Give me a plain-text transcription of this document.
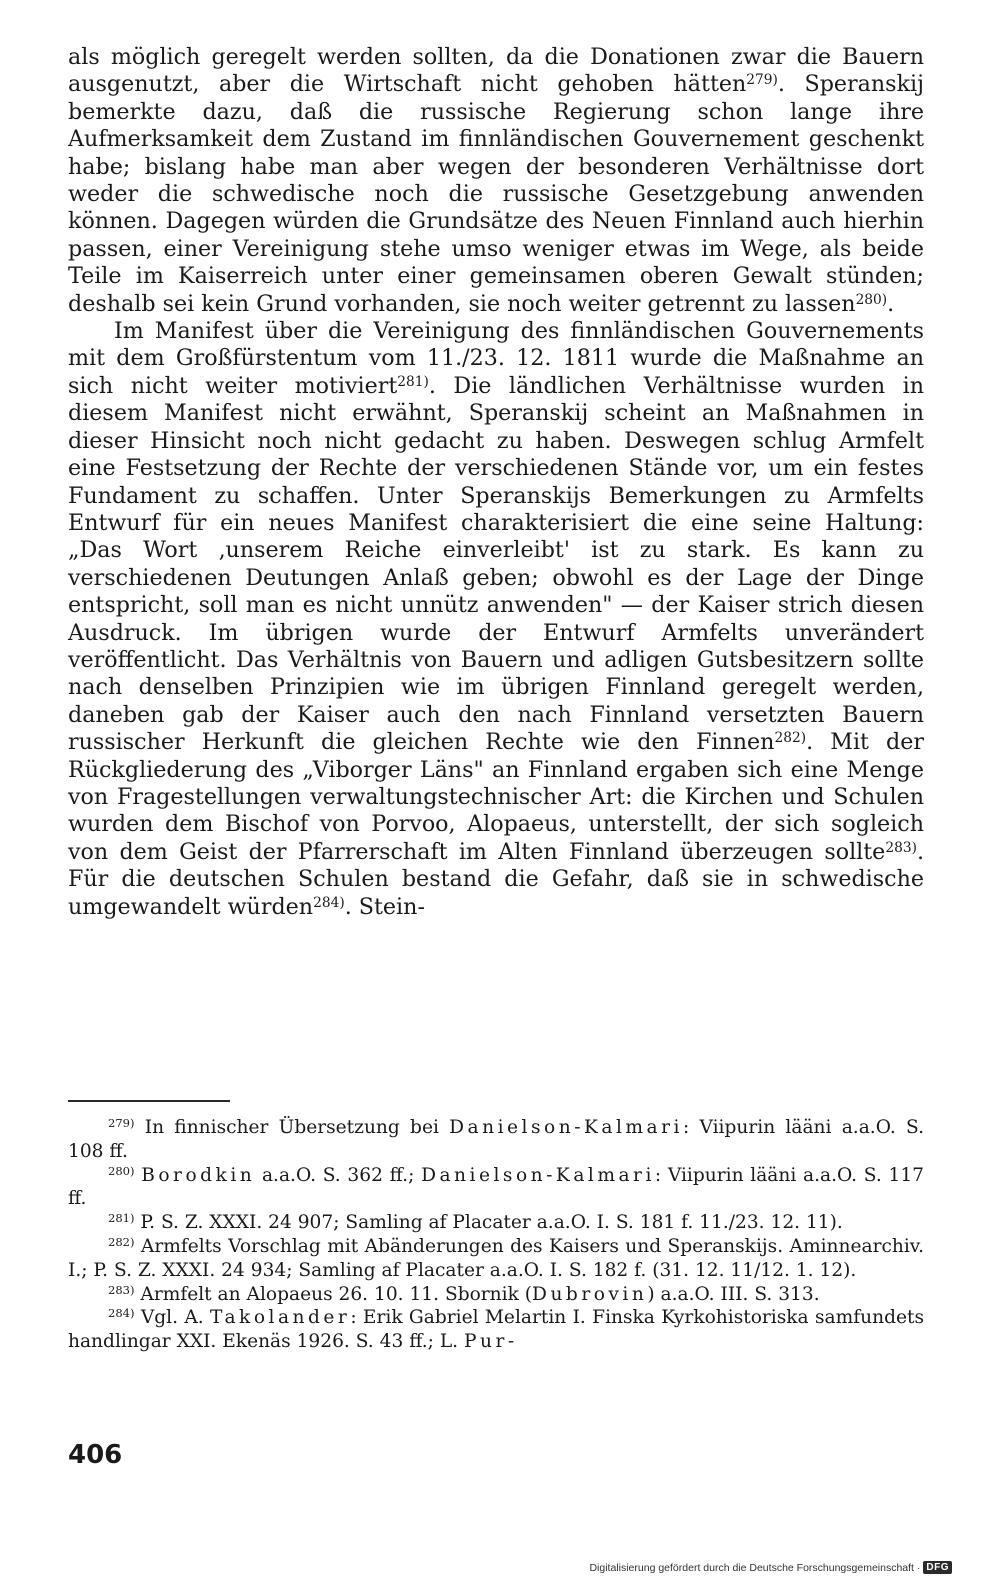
als möglich geregelt werden sollten, da die Donationen zwar die Bauern ausgenutzt, aber die Wirtschaft nicht gehoben hätten$^{279)}$. Speranskij bemerkte dazu, daß die russische Regierung schon lange ihre Aufmerksamkeit dem Zustand im finnländischen Gouvernement geschenkt habe; bislang habe man aber wegen der besonderen Verhältnisse dort weder die schwedische noch die russische Gesetzgebung anwenden können. Dagegen würden die Grundsätze des Neuen Finnland auch hierhin passen, einer Vereinigung stehe umso weniger etwas im Wege, als beide Teile im Kaiserreich unter einer gemeinsamen oberen Gewalt stünden; deshalb sei kein Grund vorhanden, sie noch weiter getrennt zu lassen$^{280)}$.

Im Manifest über die Vereinigung des finnländischen Gouvernements mit dem Großfürstentum vom 11./23. 12. 1811 wurde die Maßnahme an sich nicht weiter motiviert$^{281)}$. Die ländlichen Verhältnisse wurden in diesem Manifest nicht erwähnt, Speranskij scheint an Maßnahmen in dieser Hinsicht noch nicht gedacht zu haben. Deswegen schlug Armfelt eine Festsetzung der Rechte der verschiedenen Stände vor, um ein festes Fundament zu schaffen. Unter Speranskijs Bemerkungen zu Armfelts Entwurf für ein neues Manifest charakterisiert die eine seine Haltung: „Das Wort ‚unserem Reiche einverleibt' ist zu stark. Es kann zu verschiedenen Deutungen Anlaß geben; obwohl es der Lage der Dinge entspricht, soll man es nicht unnütz anwenden" — der Kaiser strich diesen Ausdruck. Im übrigen wurde der Entwurf Armfelts unverändert veröffentlicht. Das Verhältnis von Bauern und adligen Gutsbesitzern sollte nach denselben Prinzipien wie im übrigen Finnland geregelt werden, daneben gab der Kaiser auch den nach Finnland versetzten Bauern russischer Herkunft die gleichen Rechte wie den Finnen$^{282)}$. Mit der Rückgliederung des „Viborger Läns" an Finnland ergaben sich eine Menge von Fragestellungen verwaltungstechnischer Art: die Kirchen und Schulen wurden dem Bischof von Porvoo, Alopaeus, unterstellt, der sich sogleich von dem Geist der Pfarrerschaft im Alten Finnland überzeugen sollte$^{283)}$. Für die deutschen Schulen bestand die Gefahr, daß sie in schwedische umgewandelt würden$^{284)}$. Stein-

$^{279)}$ In finnischer Übersetzung bei Danielson-Kalmari: Viipurin lääni a.a.O. S. 108 ff.

$^{280)}$ Borodkin a.a.O. S. 362 ff.; Danielson-Kalmari: Viipurin lääni a.a.O. S. 117 ff.

$^{281)}$ P. S. Z. XXXI. 24 907; Samling af Placater a.a.O. I. S. 181 f. 11./23. 12. 11).

$^{282)}$ Armfelts Vorschlag mit Abänderungen des Kaisers und Speranskijs. Aminnearchiv. I.; P. S. Z. XXXI. 24 934; Samling af Placater a.a.O. I. S. 182 f. (31. 12. 11/12. 1. 12).

$^{283)}$ Armfelt an Alopaeus 26. 10. 11. Sbornik (Dubrovin) a.a.O. III. S. 313.

$^{284)}$ Vgl. A. Takolander: Erik Gabriel Melartin I. Finska Kyrkohistoriska samfundets handlingar XXI. Ekenäs 1926. S. 43 ff.; L. Pur-

406
Digitalisierung gefördert durch die Deutsche Forschungsgemeinschaft · DFG
